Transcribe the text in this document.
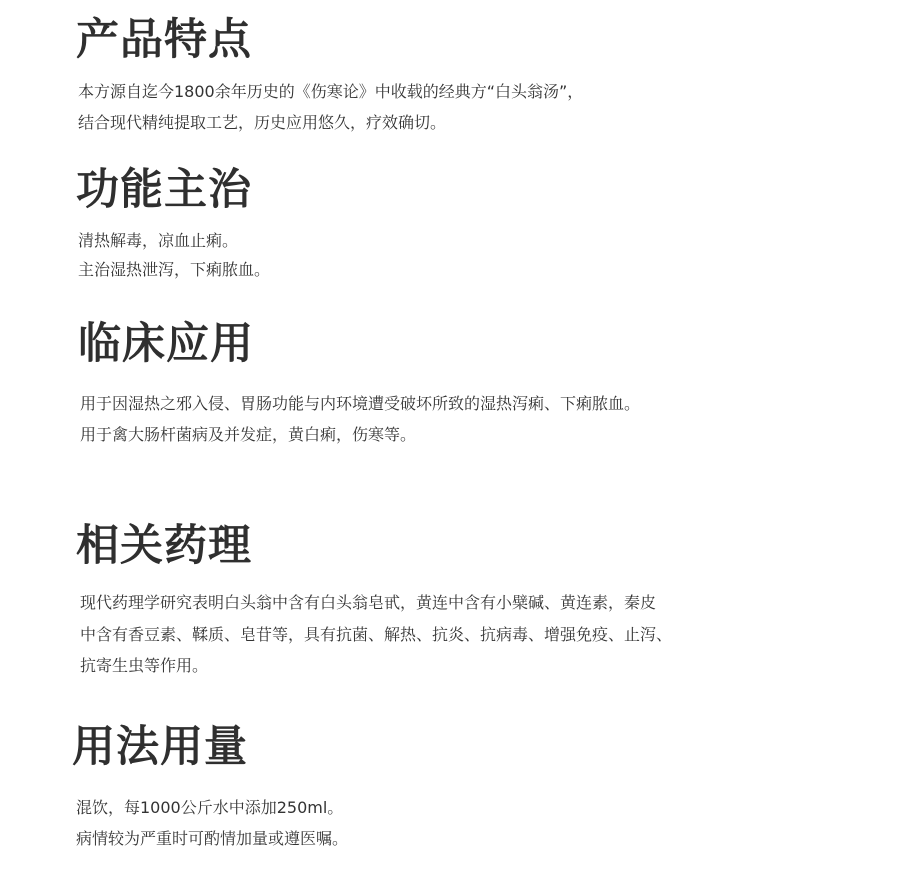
产品特点

本方源自迄今1800余年历史的《伤寒论》中收载的经典方“白头翁汤”，

结合现代精纯提取工艺，历史应用悠久，疗效确切。

功能主治

清热解毒，凉血止痢。

主治湿热泄泻，下痢脓血。

临床应用

用于因湿热之邪入侵、胃肠功能与内环境遭受破坏所致的湿热泻痢、下痢脓血。

用于禽大肠杆菌病及并发症，黄白痢，伤寒等。

相关药理

现代药理学研究表明白头翁中含有白头翁皂甙，黄连中含有小檗碱、黄连素，秦皮

中含有香豆素、鞣质、皂苷等，具有抗菌、解热、抗炎、抗病毒、增强免疫、止泻、

抗寄生虫等作用。

用法用量

混饮，每1000公斤水中添加250ml。

病情较为严重时可酌情加量或遵医嘱。
